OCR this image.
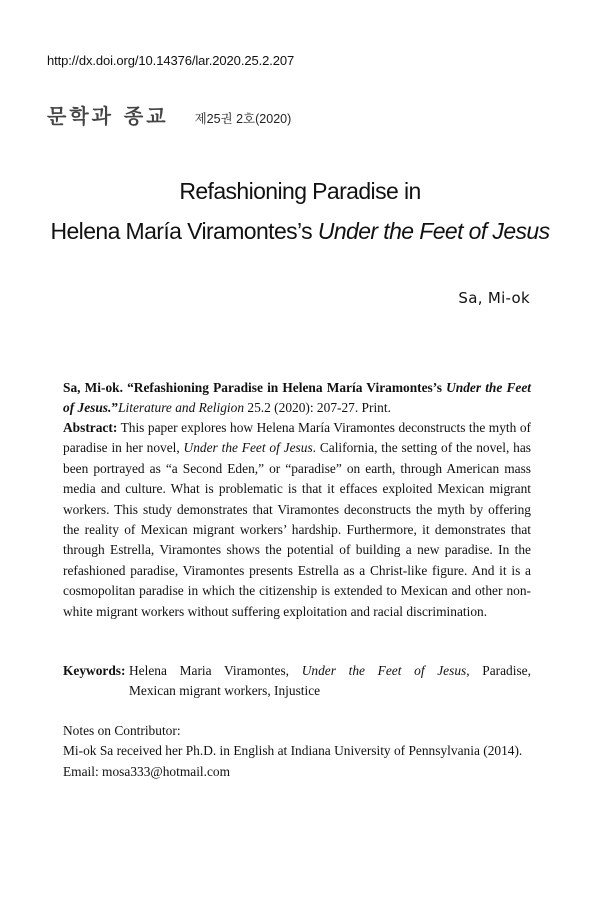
http://dx.doi.org/10.14376/lar.2020.25.2.207
문학과 종교 제25권 2호(2020)
Refashioning Paradise in
Helena María Viramontes’s Under the Feet of Jesus
Sa, Mi-ok
Sa, Mi-ok. “Refashioning Paradise in Helena María Viramontes’s Under the Feet of Jesus.”Literature and Religion 25.2 (2020): 207-27. Print.
Abstract: This paper explores how Helena María Viramontes deconstructs the myth of paradise in her novel, Under the Feet of Jesus. California, the setting of the novel, has been portrayed as “a Second Eden,” or “paradise” on earth, through American mass media and culture. What is problematic is that it effaces exploited Mexican migrant workers. This study demonstrates that Viramontes deconstructs the myth by offering the reality of Mexican migrant workers’ hardship. Furthermore, it demonstrates that through Estrella, Viramontes shows the potential of building a new paradise. In the refashioned paradise, Viramontes presents Estrella as a Christ-like figure. And it is a cosmopolitan paradise in which the citizenship is extended to Mexican and other non-white migrant workers without suffering exploitation and racial discrimination.
Keywords: Helena Maria Viramontes, Under the Feet of Jesus, Paradise,
Mexican migrant workers, Injustice
Notes on Contributor:
Mi-ok Sa received her Ph.D. in English at Indiana University of Pennsylvania (2014).
Email: mosa333@hotmail.com
